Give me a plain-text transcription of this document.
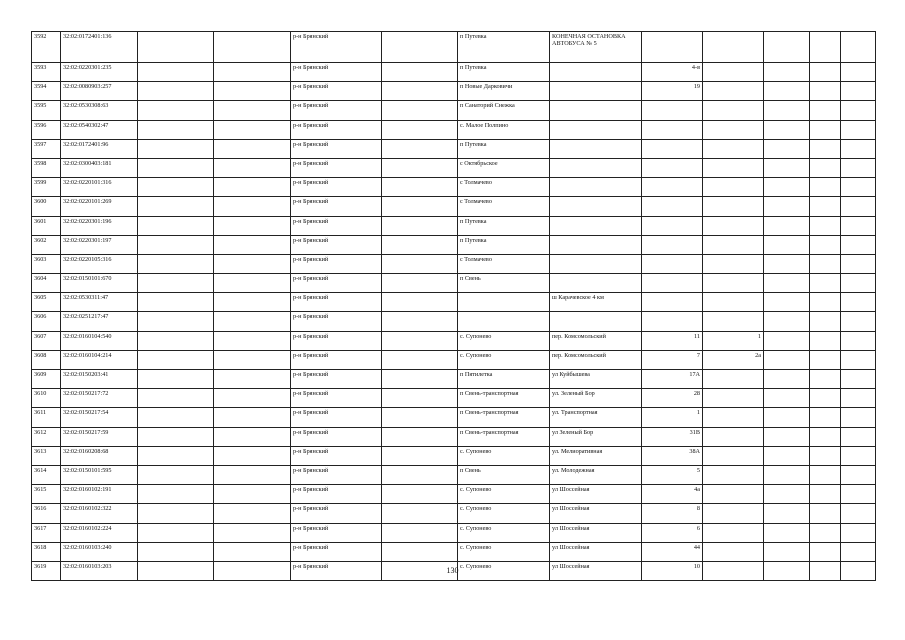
3592	32:02:0172401:136			р-н Брянский		п Путевка	КОНЕЧНАЯ ОСТАНОВКА АВТОБУСА № 5					
3593	32:02:0220301:235			р-н Брянский		п Путевка		4-в				
3594	32:02:0080903:257			р-н Брянский		п Новые Дарковичи		19				
3595	32:02:0530308:63			р-н Брянский		п Санаторий Снежка						
3596	32:02:0540302:47			р-н Брянский		с. Малое Полпино						
3597	32:02:0172401:96			р-н Брянский		п Путевка						
3598	32:02:0300403:181			р-н Брянский		с Октябрьское						
3599	32:02:0220101:316			р-н Брянский		с Толмачево						
3600	32:02:0220101:269			р-н Брянский		с Толмачево						
3601	32:02:0220301:196			р-н Брянский		п Путевка						
3602	32:02:0220301:197			р-н Брянский		п Путевка						
3603	32:02:0220105:316			р-н Брянский		с Толмачево						
3604	32:02:0150101:670			р-н Брянский		п Свень						
3605	32:02:0530311:47			р-н Брянский			ш Карачевское 4 км					
3606	32:02:0251217:47			р-н Брянский								
3607	32:02:0160104:540			р-н Брянский		с. Супонево	пер. Комсомольский	11	1			
3608	32:02:0160104:214			р-н Брянский		с. Супонево	пер. Комсомольский	7	2а			
3609	32:02:0150203:41			р-н Брянский		п Пятилетка	ул Куйбышева	17А				
3610	32:02:0150217:72			р-н Брянский		п Свень-транспортная	ул. Зеленый Бор	28				
3611	32:02:0150217:54			р-н Брянский		п Свень-транспортная	ул. Транспортная	1				
3612	32:02:0150217:59			р-н Брянский		п Свень-транспортная	ул Зеленый Бор	31В				
3613	32:02:0160208:68			р-н Брянский		с. Супонево	ул. Мелиоративная	38А				
3614	32:02:0150101:595			р-н Брянский		п Свень	ул. Молодежная	5				
3615	32:02:0160102:191			р-н Брянский		с. Супонево	ул Шоссейная	4а				
3616	32:02:0160102:322			р-н Брянский		с. Супонево	ул Шоссейная	8				
3617	32:02:0160102:224			р-н Брянский		с. Супонево	ул Шоссейная	6				
3618	32:02:0160103:240			р-н Брянский		с. Супонево	ул Шоссейная	44				
3619	32:02:0160103:203			р-н Брянский		с. Супонево	ул Шоссейная	10				
130
